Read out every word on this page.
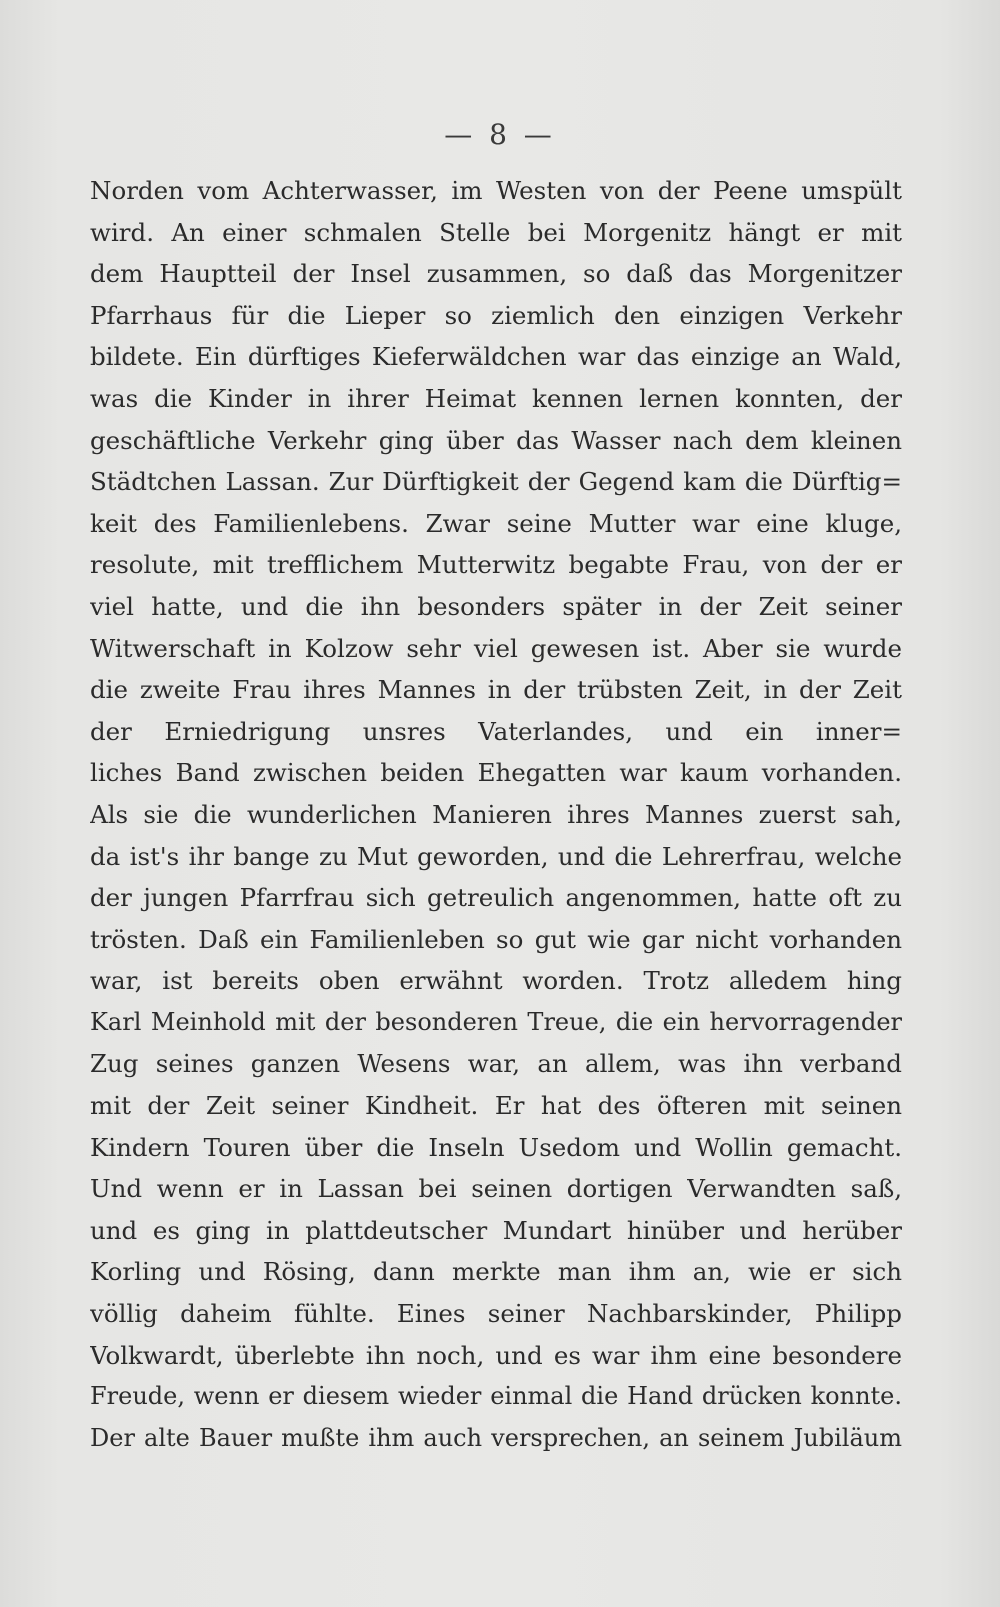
— 8 —
Norden vom Achterwasser, im Westen von der Peene umspült
wird. An einer schmalen Stelle bei Morgenitz hängt er mit
dem Hauptteil der Insel zusammen, so daß das Morgenitzer
Pfarrhaus für die Lieper so ziemlich den einzigen Verkehr
bildete. Ein dürftiges Kieferwäldchen war das einzige an Wald,
was die Kinder in ihrer Heimat kennen lernen konnten, der
geschäftliche Verkehr ging über das Wasser nach dem kleinen
Städtchen Lassan. Zur Dürftigkeit der Gegend kam die Dürftig=
keit des Familienlebens. Zwar seine Mutter war eine kluge,
resolute, mit trefflichem Mutterwitz begabte Frau, von der er
viel hatte, und die ihn besonders später in der Zeit seiner
Witwerschaft in Kolzow sehr viel gewesen ist. Aber sie wurde
die zweite Frau ihres Mannes in der trübsten Zeit, in der Zeit
der Erniedrigung unsres Vaterlandes, und ein inner=
liches Band zwischen beiden Ehegatten war kaum vorhanden.
Als sie die wunderlichen Manieren ihres Mannes zuerst sah,
da ist's ihr bange zu Mut geworden, und die Lehrerfrau, welche
der jungen Pfarrfrau sich getreulich angenommen, hatte oft zu
trösten. Daß ein Familienleben so gut wie gar nicht vorhanden
war, ist bereits oben erwähnt worden. Trotz alledem hing
Karl Meinhold mit der besonderen Treue, die ein hervorragender
Zug seines ganzen Wesens war, an allem, was ihn verband
mit der Zeit seiner Kindheit. Er hat des öfteren mit seinen
Kindern Touren über die Inseln Usedom und Wollin gemacht.
Und wenn er in Lassan bei seinen dortigen Verwandten saß,
und es ging in plattdeutscher Mundart hinüber und herüber
Korling und Rösing, dann merkte man ihm an, wie er sich
völlig daheim fühlte. Eines seiner Nachbarskinder, Philipp
Volkwardt, überlebte ihn noch, und es war ihm eine besondere
Freude, wenn er diesem wieder einmal die Hand drücken konnte.
Der alte Bauer mußte ihm auch versprechen, an seinem Jubiläum
